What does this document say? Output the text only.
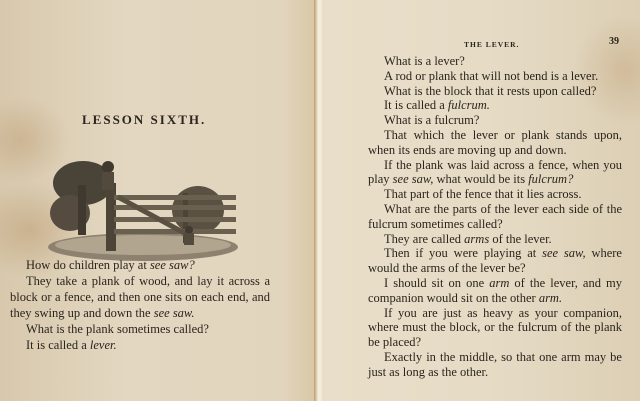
LESSON SIXTH.

How do children play at see saw?

They take a plank of wood, and lay it across a block or a fence, and then one sits on each end, and they swing up and down the see saw.

What is the plank sometimes called?

It is called a lever.

THE LEVER.	39

What is a lever?

A rod or plank that will not bend is a lever.

What is the block that it rests upon called?

It is called a fulcrum.

What is a fulcrum?

That which the lever or plank stands upon, when its ends are moving up and down.

If the plank was laid across a fence, when you play see saw, what would be its fulcrum?

That part of the fence that it lies across.

What are the parts of the lever each side of the fulcrum sometimes called?

They are called arms of the lever.

Then if you were playing at see saw, where would the arms of the lever be?

I should sit on one arm of the lever, and my companion would sit on the other arm.

If you are just as heavy as your companion, where must the block, or the fulcrum of the plank be placed?

Exactly in the middle, so that one arm may be just as long as the other.
